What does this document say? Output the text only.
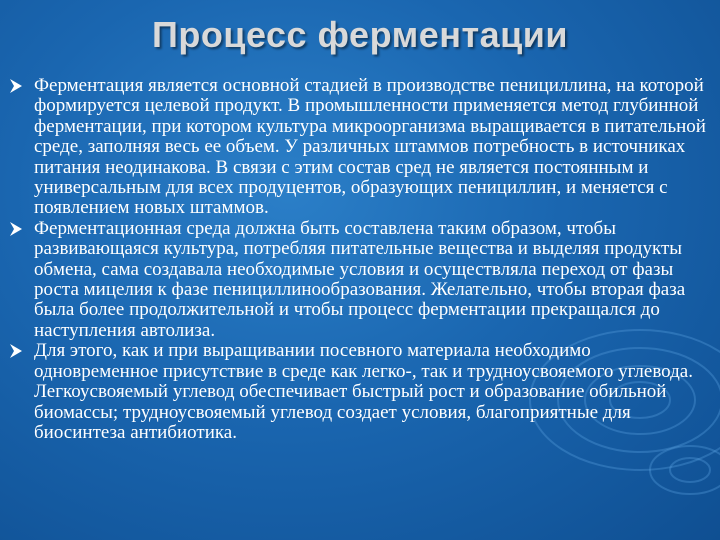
Процесс ферментации
Ферментация является основной стадией в производстве пенициллина, на которой формируется целевой продукт. В промышленности применяется метод глубинной ферментации, при котором культура микроорганизма выращивается в питательной среде, заполняя весь ее объем. У различных штаммов потребность в источниках питания неодинакова. В связи с этим состав сред не является постоянным и универсальным для всех продуцентов, образующих пенициллин, и меняется с появлением новых штаммов.
Ферментационная среда должна быть составлена таким образом, чтобы развивающаяся культура, потребляя питательные вещества и выделяя продукты обмена, сама создавала необходимые условия и осуществляла переход от фазы роста мицелия к фазе пенициллинообразования. Желательно, чтобы вторая фаза была более продолжительной и чтобы процесс ферментации прекращался до наступления автолиза.
Для этого, как и при выращивании посевного материала необходимо одновременное присутствие в среде как легко-, так и трудноусвояемого углевода. Легкоусвояемый углевод обеспечивает быстрый рост и образование обильной биомассы; трудноусвояемый углевод создает условия, благоприятные для биосинтеза антибиотика.
